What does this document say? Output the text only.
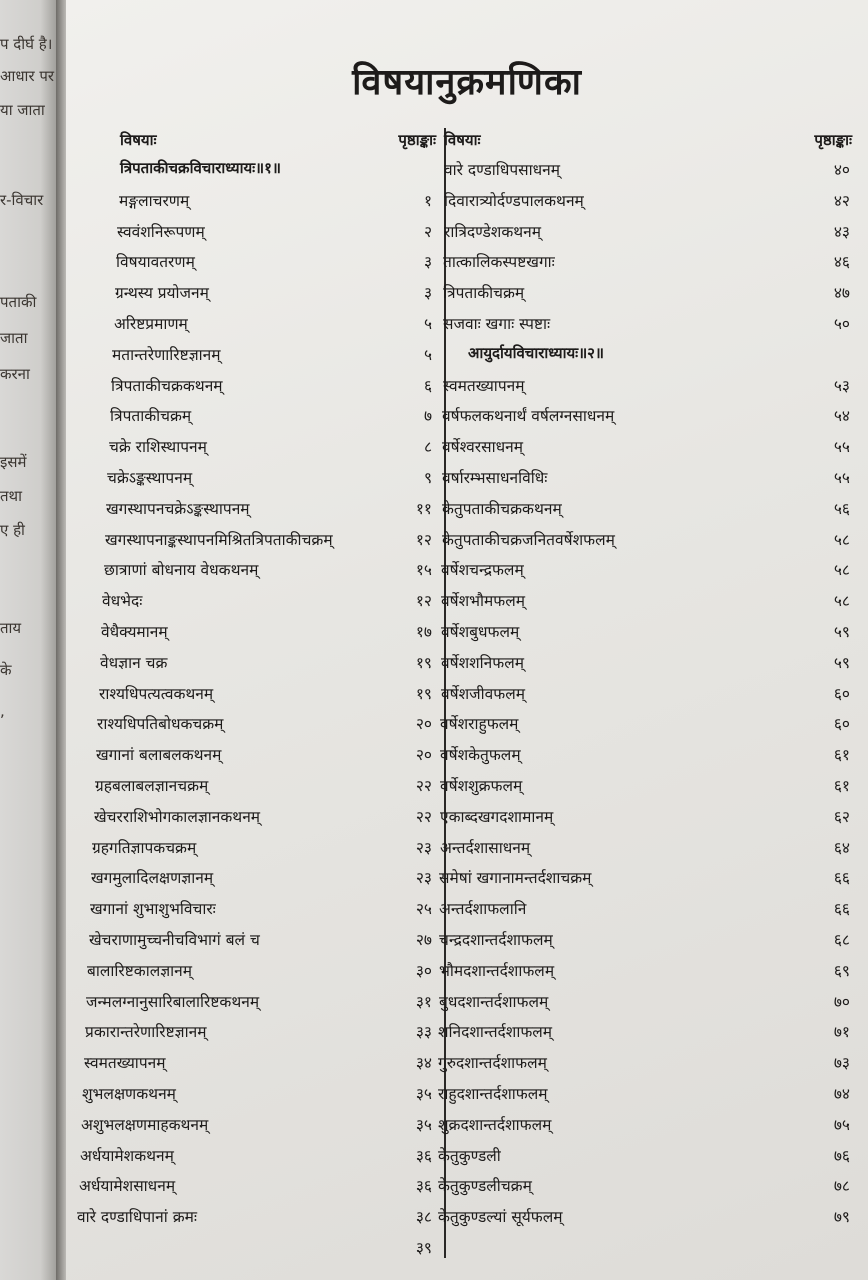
प दीर्घ है।
आधार पर
या जाता
र-विचार
पताकी
जाता
करना
इसमें
तथा
ए ही
ताय
के
,
विषयानुक्रमणिका
विषयाः	पृष्ठाङ्काः
त्रिपताकीचक्रविचाराध्यायः॥१॥
मङ्गलाचरणम्	१
स्ववंशनिरूपणम्	२
विषयावतरणम्	३
ग्रन्थस्य प्रयोजनम्	३
अरिष्टप्रमाणम्	५
मतान्तरेणारिष्टज्ञानम्	५
त्रिपताकीचक्रकथनम्	६
त्रिपताकीचक्रम्	७
चक्रे राशिस्थापनम्	८
चक्रेऽङ्कस्थापनम्	९
खगस्थापनचक्रेऽङ्कस्थापनम्	११
खगस्थापनाङ्कस्थापनमिश्रितत्रिपताकीचक्रम्	१२
छात्राणां बोधनाय वेधकथनम्	१५
वेधभेदः	१२
वेधैक्यमानम्	१७
वेधज्ञान चक्र	१९
राश्यधिपत्यत्वकथनम्	१९
राश्यधिपतिबोधकचक्रम्	२०
खगानां बलाबलकथनम्	२०
ग्रहबलाबलज्ञानचक्रम्	२२
खेचरराशिभोगकालज्ञानकथनम्	२२
ग्रहगतिज्ञापकचक्रम्	२३
खगमुलादिलक्षणज्ञानम्	२३
खगानां शुभाशुभविचारः	२५
खेचराणामुच्चनीचविभागं बलं च	२७
बालारिष्टकालज्ञानम्	३०
जन्मलग्नानुसारिबालारिष्टकथनम्	३१
प्रकारान्तरेणारिष्टज्ञानम्	३३
स्वमतख्यापनम्	३४
शुभलक्षणकथनम्	३५
अशुभलक्षणमाहकथनम्	३५
अर्धयामेशकथनम्	३६
अर्धयामेशसाधनम्	३६
वारे दण्डाधिपानां क्रमः	३८
३९
विषयाः	पृष्ठाङ्काः
वारे दण्डाधिपसाधनम्	४०
दिवारात्र्योर्दण्डपालकथनम्	४२
रात्रिदण्डेशकथनम्	४३
तात्कालिकस्पष्टखगाः	४६
त्रिपताकीचक्रम्	४७
सजवाः खगाः स्पष्टाः	५०
आयुर्दायविचाराध्यायः॥२॥
स्वमतख्यापनम्	५३
वर्षफलकथनार्थं वर्षलग्नसाधनम्	५४
वर्षेश्वरसाधनम्	५५
वर्षारम्भसाधनविधिः	५५
केतुपताकीचक्रकथनम्	५६
केतुपताकीचक्रजनितवर्षेशफलम्	५८
वर्षेशचन्द्रफलम्	५८
वर्षेशभौमफलम्	५८
वर्षेशबुधफलम्	५९
वर्षेशशनिफलम्	५९
वर्षेशजीवफलम्	६०
वर्षेशराहुफलम्	६०
वर्षेशकेतुफलम्	६१
वर्षेशशुक्रफलम्	६१
एकाब्दखगदशामानम्	६२
अन्तर्दशासाधनम्	६४
समेषां खगानामन्तर्दशाचक्रम्	६६
अन्तर्दशाफलानि	६६
चन्द्रदशान्तर्दशाफलम्	६८
भौमदशान्तर्दशाफलम्	६९
बुधदशान्तर्दशाफलम्	७०
शनिदशान्तर्दशाफलम्	७१
गुरुदशान्तर्दशाफलम्	७३
राहुदशान्तर्दशाफलम्	७४
शुक्रदशान्तर्दशाफलम्	७५
केतुकुण्डली	७६
केतुकुण्डलीचक्रम्	७८
केतुकुण्डल्यां सूर्यफलम्	७९
